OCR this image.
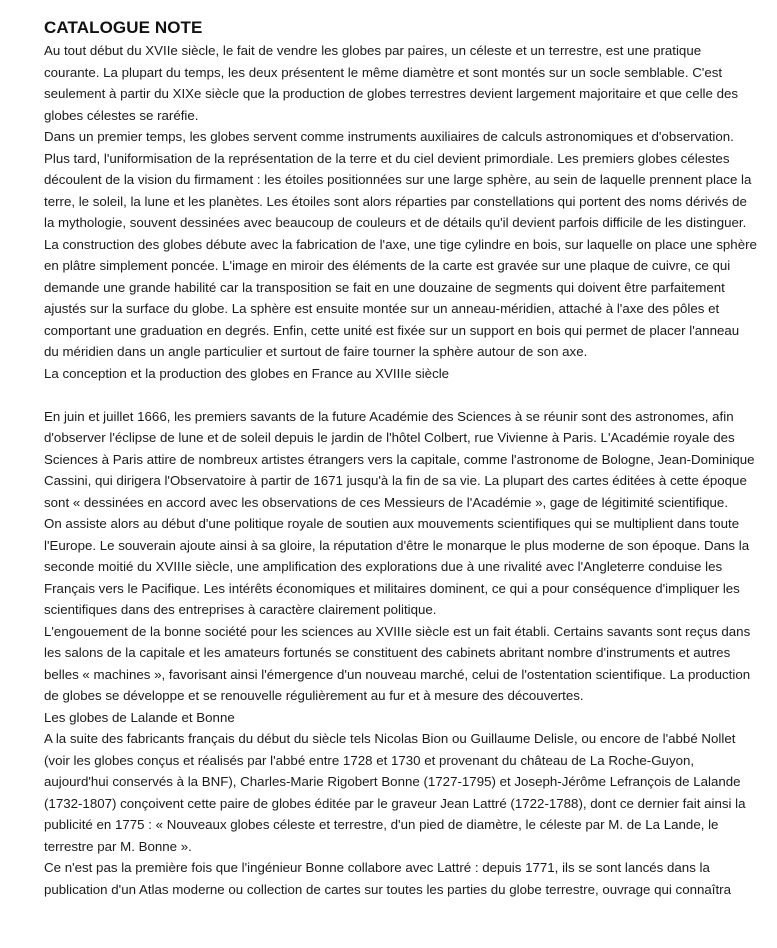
CATALOGUE NOTE

Au tout début du XVIIe siècle, le fait de vendre les globes par paires, un céleste et un terrestre, est une pratique courante. La plupart du temps, les deux présentent le même diamètre et sont montés sur un socle semblable. C'est seulement à partir du XIXe siècle que la production de globes terrestres devient largement majoritaire et que celle des globes célestes se raréfie.

Dans un premier temps, les globes servent comme instruments auxiliaires de calculs astronomiques et d'observation. Plus tard, l'uniformisation de la représentation de la terre et du ciel devient primordiale. Les premiers globes célestes découlent de la vision du firmament : les étoiles positionnées sur une large sphère, au sein de laquelle prennent place la terre, le soleil, la lune et les planètes. Les étoiles sont alors réparties par constellations qui portent des noms dérivés de la mythologie, souvent dessinées avec beaucoup de couleurs et de détails qu'il devient parfois difficile de les distinguer.

La construction des globes débute avec la fabrication de l'axe, une tige cylindre en bois, sur laquelle on place une sphère en plâtre simplement poncée. L'image en miroir des éléments de la carte est gravée sur une plaque de cuivre, ce qui demande une grande habilité car la transposition se fait en une douzaine de segments qui doivent être parfaitement ajustés sur la surface du globe. La sphère est ensuite montée sur un anneau-méridien, attaché à l'axe des pôles et comportant une graduation en degrés. Enfin, cette unité est fixée sur un support en bois qui permet de placer l'anneau du méridien dans un angle particulier et surtout de faire tourner la sphère autour de son axe.

La conception et la production des globes en France au XVIIIe siècle

En juin et juillet 1666, les premiers savants de la future Académie des Sciences à se réunir sont des astronomes, afin d'observer l'éclipse de lune et de soleil depuis le jardin de l'hôtel Colbert, rue Vivienne à Paris. L'Académie royale des Sciences à Paris attire de nombreux artistes étrangers vers la capitale, comme l'astronome de Bologne, Jean-Dominique Cassini, qui dirigera l'Observatoire à partir de 1671 jusqu'à la fin de sa vie. La plupart des cartes éditées à cette époque sont « dessinées en accord avec les observations de ces Messieurs de l'Académie », gage de légitimité scientifique.

On assiste alors au début d'une politique royale de soutien aux mouvements scientifiques qui se multiplient dans toute l'Europe. Le souverain ajoute ainsi à sa gloire, la réputation d'être le monarque le plus moderne de son époque. Dans la seconde moitié du XVIIIe siècle, une amplification des explorations due à une rivalité avec l'Angleterre conduise les Français vers le Pacifique. Les intérêts économiques et militaires dominent, ce qui a pour conséquence d'impliquer les scientifiques dans des entreprises à caractère clairement politique.

L'engouement de la bonne société pour les sciences au XVIIIe siècle est un fait établi. Certains savants sont reçus dans les salons de la capitale et les amateurs fortunés se constituent des cabinets abritant nombre d'instruments et autres belles « machines », favorisant ainsi l'émergence d'un nouveau marché, celui de l'ostentation scientifique. La production de globes se développe et se renouvelle régulièrement au fur et à mesure des découvertes.

Les globes de Lalande et Bonne

A la suite des fabricants français du début du siècle tels Nicolas Bion ou Guillaume Delisle, ou encore de l'abbé Nollet (voir les globes conçus et réalisés par l'abbé entre 1728 et 1730 et provenant du château de La Roche-Guyon, aujourd'hui conservés à la BNF), Charles-Marie Rigobert Bonne (1727-1795) et Joseph-Jérôme Lefrançois de Lalande (1732-1807) conçoivent cette paire de globes éditée par le graveur Jean Lattré (1722-1788), dont ce dernier fait ainsi la publicité en 1775 : « Nouveaux globes céleste et terrestre, d'un pied de diamètre, le céleste par M. de La Lande, le terrestre par M. Bonne ».

Ce n'est pas la première fois que l'ingénieur Bonne collabore avec Lattré : depuis 1771, ils se sont lancés dans la publication d'un Atlas moderne ou collection de cartes sur toutes les parties du globe terrestre, ouvrage qui connaîtra
